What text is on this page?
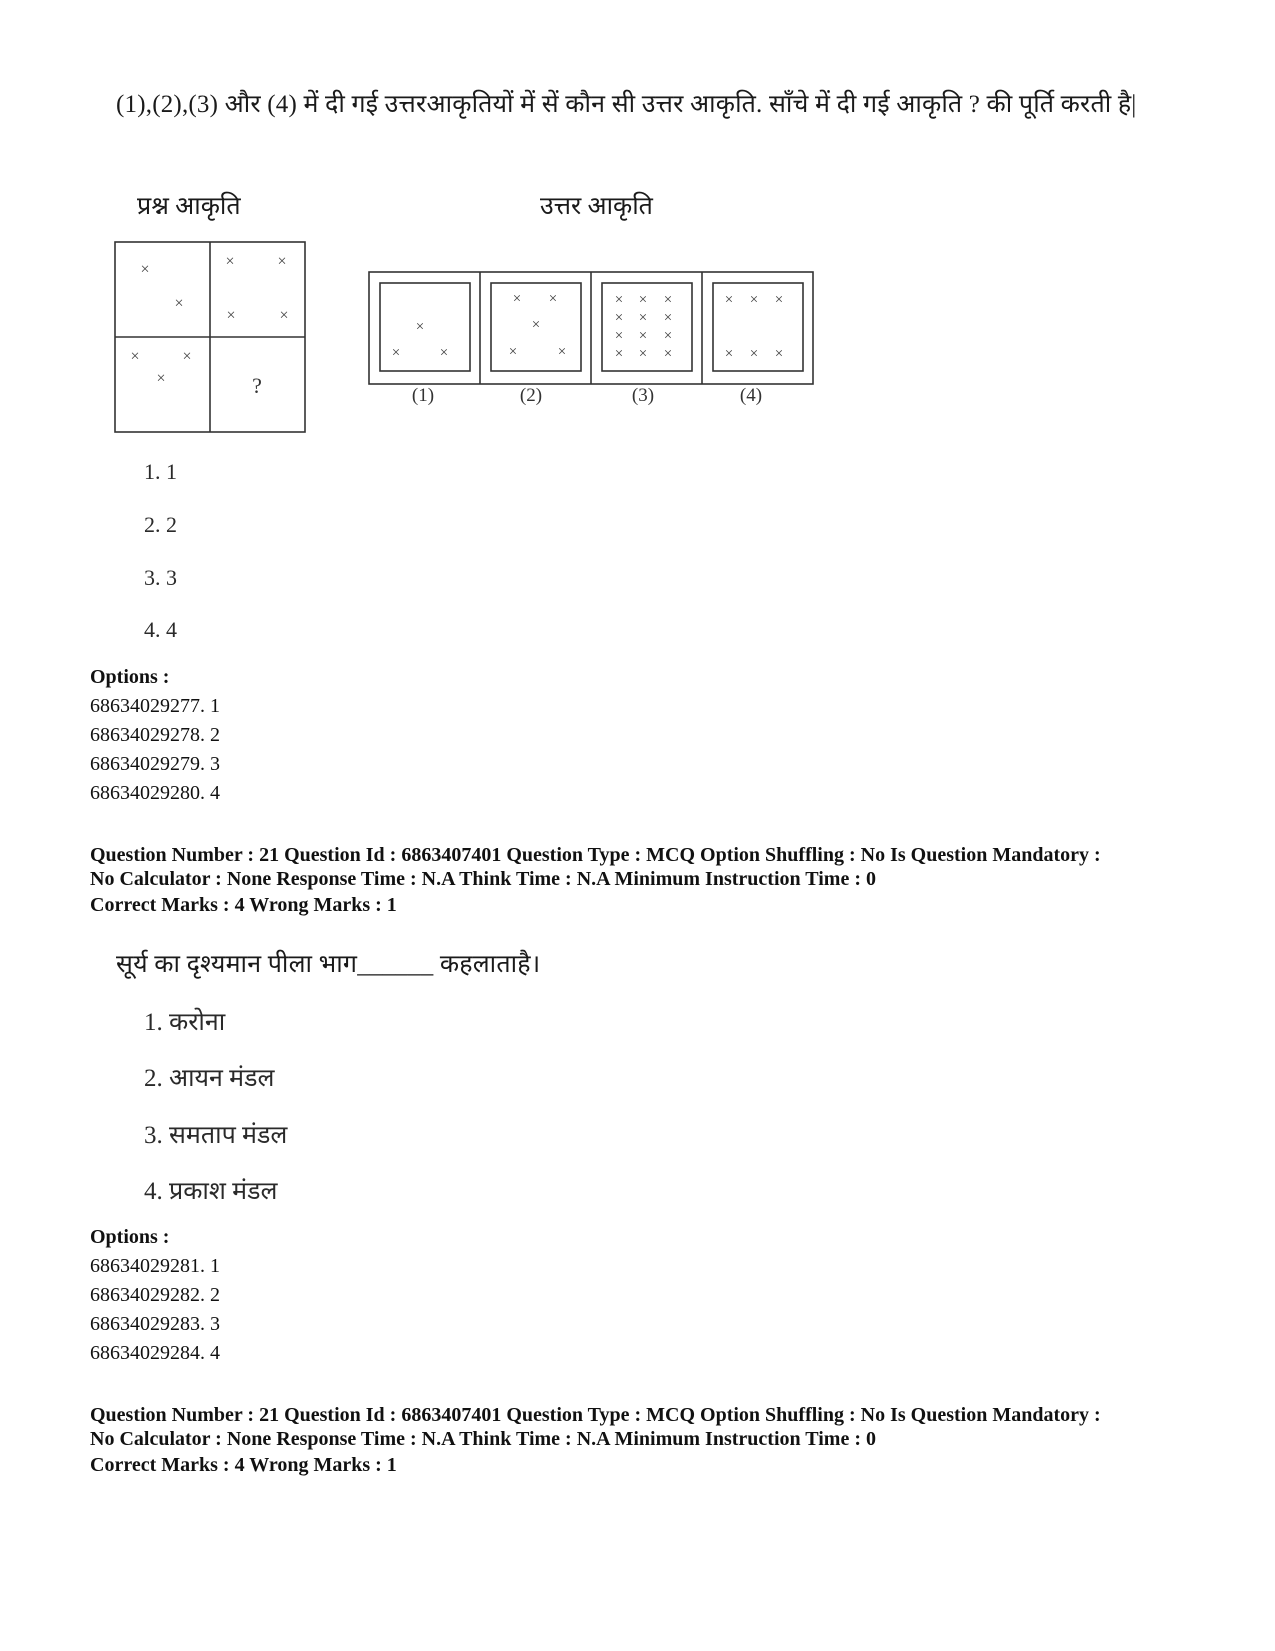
(1),(2),(3) और (4) में दी गई उत्तरआकृतियों में सें कौन सी उत्तर आकृति. साँचे में दी गई आकृति ? की पूर्ति करती है|
प्रश्न आकृति	उत्तर आकृति
×
×
×	×
×	×
×	×
×	?
×
×	×
× ×
×
×	×
× × ×
× × ×
× × ×
× × ×
× × ×
× × ×
(1)	(2)	(3)	(4)
1. 1
2. 2
3. 3
4. 4
Options :
68634029277. 1
68634029278. 2
68634029279. 3
68634029280. 4
Question Number : 21 Question Id : 6863407401 Question Type : MCQ Option Shuffling : No Is Question Mandatory :
No Calculator : None Response Time : N.A Think Time : N.A Minimum Instruction Time : 0
Correct Marks : 4 Wrong Marks : 1
सूर्य का दृश्यमान पीला भाग______ कहलाताहै।
1. करोना
2. आयन मंडल
3. समताप मंडल
4. प्रकाश मंडल
Options :
68634029281. 1
68634029282. 2
68634029283. 3
68634029284. 4
Question Number : 21 Question Id : 6863407401 Question Type : MCQ Option Shuffling : No Is Question Mandatory :
No Calculator : None Response Time : N.A Think Time : N.A Minimum Instruction Time : 0
Correct Marks : 4 Wrong Marks : 1
